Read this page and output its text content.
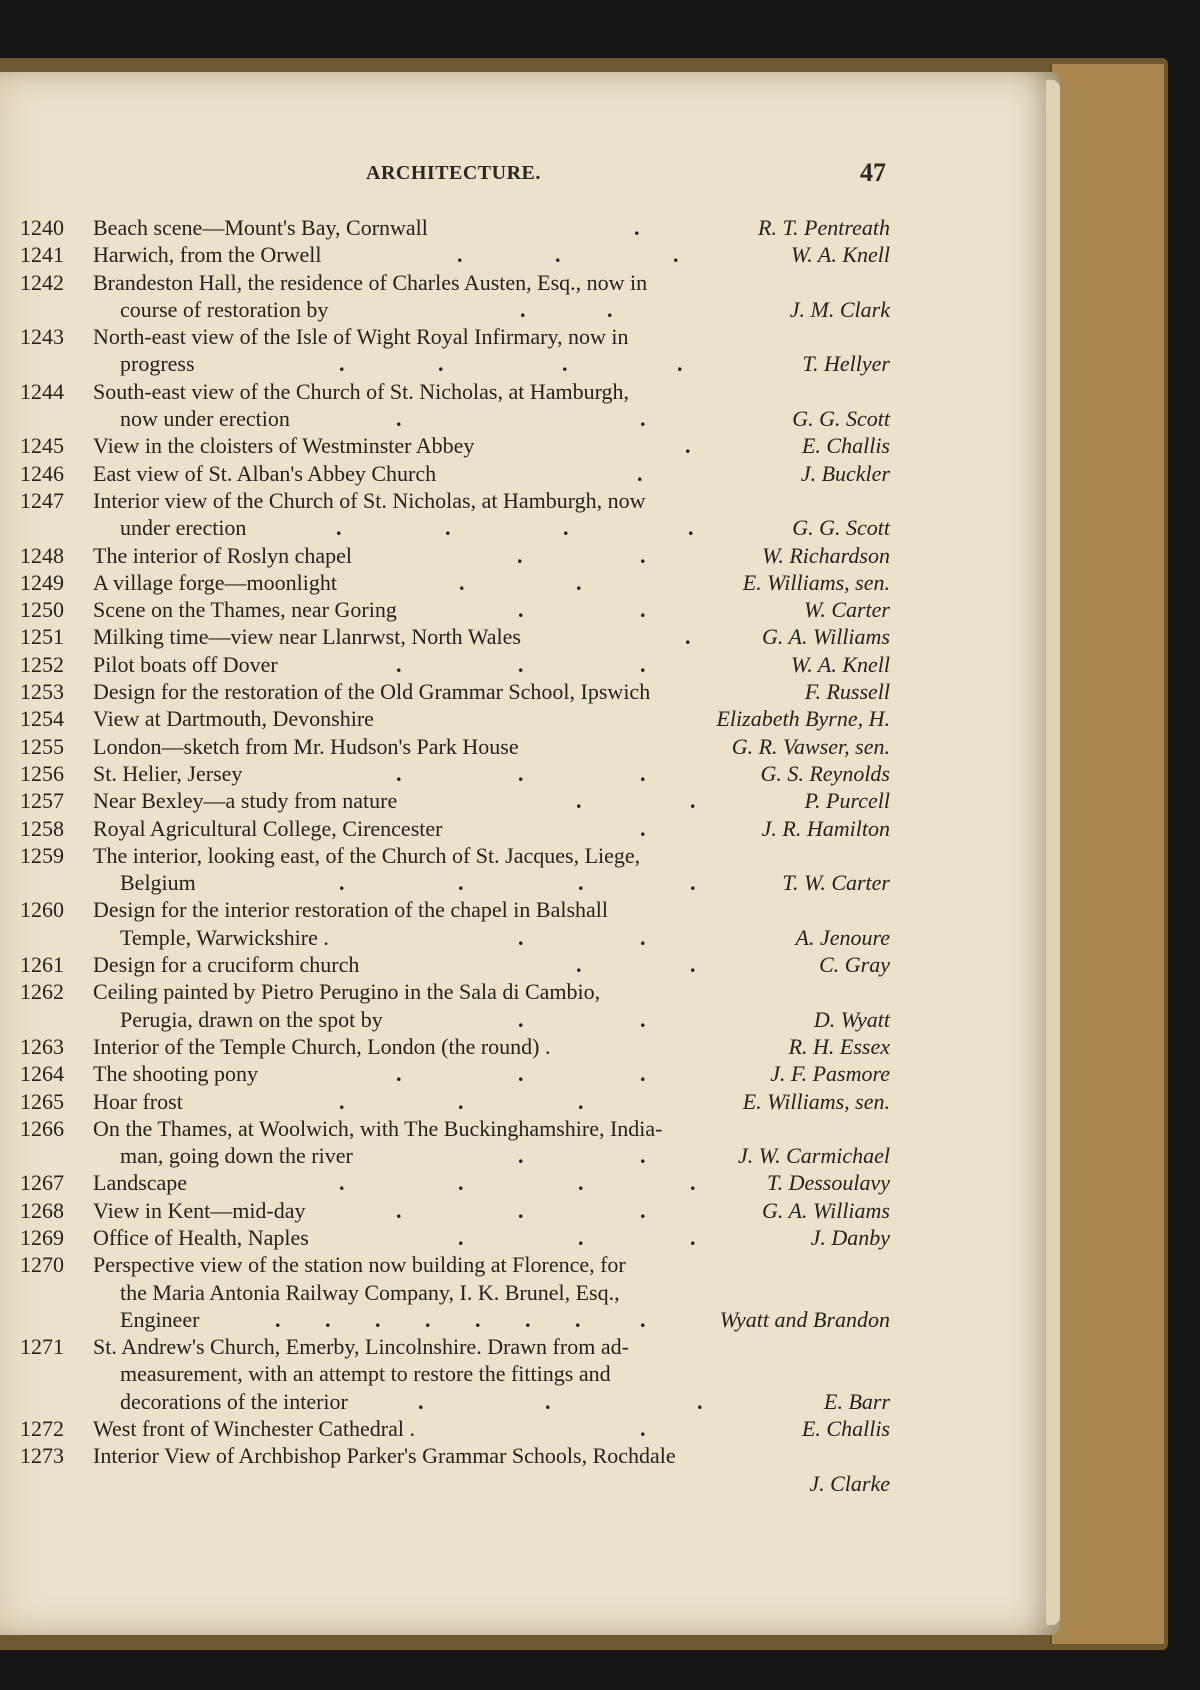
ARCHITECTURE.	47
1240	Beach scene—Mount's Bay, Cornwall	.	R. T. Pentreath
1241	Harwich, from the Orwell	.	.	.	W. A. Knell
1242	Brandeston Hall, the residence of Charles Austen, Esq., now in
course of restoration by	.	.	J. M. Clark
1243	North-east view of the Isle of Wight Royal Infirmary, now in
progress	.	.	.	.	T. Hellyer
1244	South-east view of the Church of St. Nicholas, at Hamburgh,
now under erection	.	.	G. G. Scott
1245	View in the cloisters of Westminster Abbey	.	E. Challis
1246	East view of St. Alban's Abbey Church	.	J. Buckler
1247	Interior view of the Church of St. Nicholas, at Hamburgh, now
under erection	.	.	.	.	G. G. Scott
1248	The interior of Roslyn chapel	.	.	W. Richardson
1249	A village forge—moonlight	.	.	E. Williams, sen.
1250	Scene on the Thames, near Goring	.	.	W. Carter
1251	Milking time—view near Llanrwst, North Wales	.	G. A. Williams
1252	Pilot boats off Dover	.	.	.	W. A. Knell
1253	Design for the restoration of the Old Grammar School, Ipswich	F. Russell
1254	View at Dartmouth, Devonshire	Elizabeth Byrne, H.
1255	London—sketch from Mr. Hudson's Park House	G. R. Vawser, sen.
1256	St. Helier, Jersey	.	.	.	G. S. Reynolds
1257	Near Bexley—a study from nature	.	.	P. Purcell
1258	Royal Agricultural College, Cirencester	.	J. R. Hamilton
1259	The interior, looking east, of the Church of St. Jacques, Liege,
Belgium	.	.	.	.	T. W. Carter
1260	Design for the interior restoration of the chapel in Balshall
Temple, Warwickshire .	.	.	A. Jenoure
1261	Design for a cruciform church	.	.	C. Gray
1262	Ceiling painted by Pietro Perugino in the Sala di Cambio,
Perugia, drawn on the spot by	.	.	D. Wyatt
1263	Interior of the Temple Church, London (the round) .	R. H. Essex
1264	The shooting pony	.	.	.	J. F. Pasmore
1265	Hoar frost	.	.	.	E. Williams, sen.
1266	On the Thames, at Woolwich, with The Buckinghamshire, India-
man, going down the river	.	.	J. W. Carmichael
1267	Landscape	.	.	.	.	T. Dessoulavy
1268	View in Kent—mid-day	.	.	.	G. A. Williams
1269	Office of Health, Naples	.	.	.	J. Danby
1270	Perspective view of the station now building at Florence, for
the Maria Antonia Railway Company, I. K. Brunel, Esq.,
Engineer	. . . . . . .	.	Wyatt and Brandon
1271	St. Andrew's Church, Emerby, Lincolnshire. Drawn from ad-
measurement, with an attempt to restore the fittings and
decorations of the interior	.	.	.	E. Barr
1272	West front of Winchester Cathedral .	.	E. Challis
1273	Interior View of Archbishop Parker's Grammar Schools, Rochdale
J. Clarke
